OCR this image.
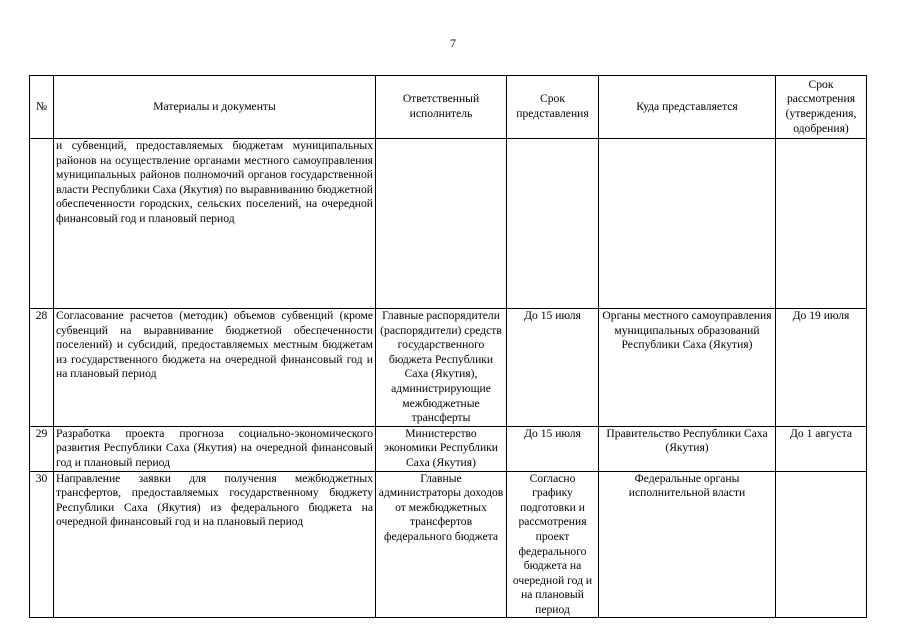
7
№	Материалы и документы	Ответственный исполнитель	Срок представления	Куда представляется	Срок рассмотрения (утверждения, одобрения)
	и субвенций, предоставляемых бюджетам муниципальных районов на осуществление органами местного самоуправления муниципальных районов полномочий органов государственной власти Республики Саха (Якутия) по выравниванию бюджетной обеспеченности городских, сельских поселений, на очередной финансовый год и плановый период				
28	Согласование расчетов (методик) объемов субвенций (кроме субвенций на выравнивание бюджетной обеспеченности поселений) и субсидий, предоставляемых местным бюджетам из государственного бюджета на очередной финансовый год и на плановый период	Главные распорядители (распорядители) средств государственного бюджета Республики Саха (Якутия), администрирующие межбюджетные трансферты	До 15 июля	Органы местного самоуправления муниципальных образований Республики Саха (Якутия)	До 19 июля
29	Разработка проекта прогноза социально-экономического развития Республики Саха (Якутия) на очередной финансовый год и плановый период	Министерство экономики Республики Саха (Якутия)	До 15 июля	Правительство Республики Саха (Якутия)	До 1 августа
30	Направление заявки для получения межбюджетных трансфертов, предоставляемых государственному бюджету Республики Саха (Якутия) из федерального бюджета на очередной финансовый год и на плановый период	Главные администраторы доходов от межбюджетных трансфертов федерального бюджета	Согласно графику подготовки и рассмотрения проект федерального бюджета на очередной год и на плановый период	Федеральные органы исполнительной власти	
